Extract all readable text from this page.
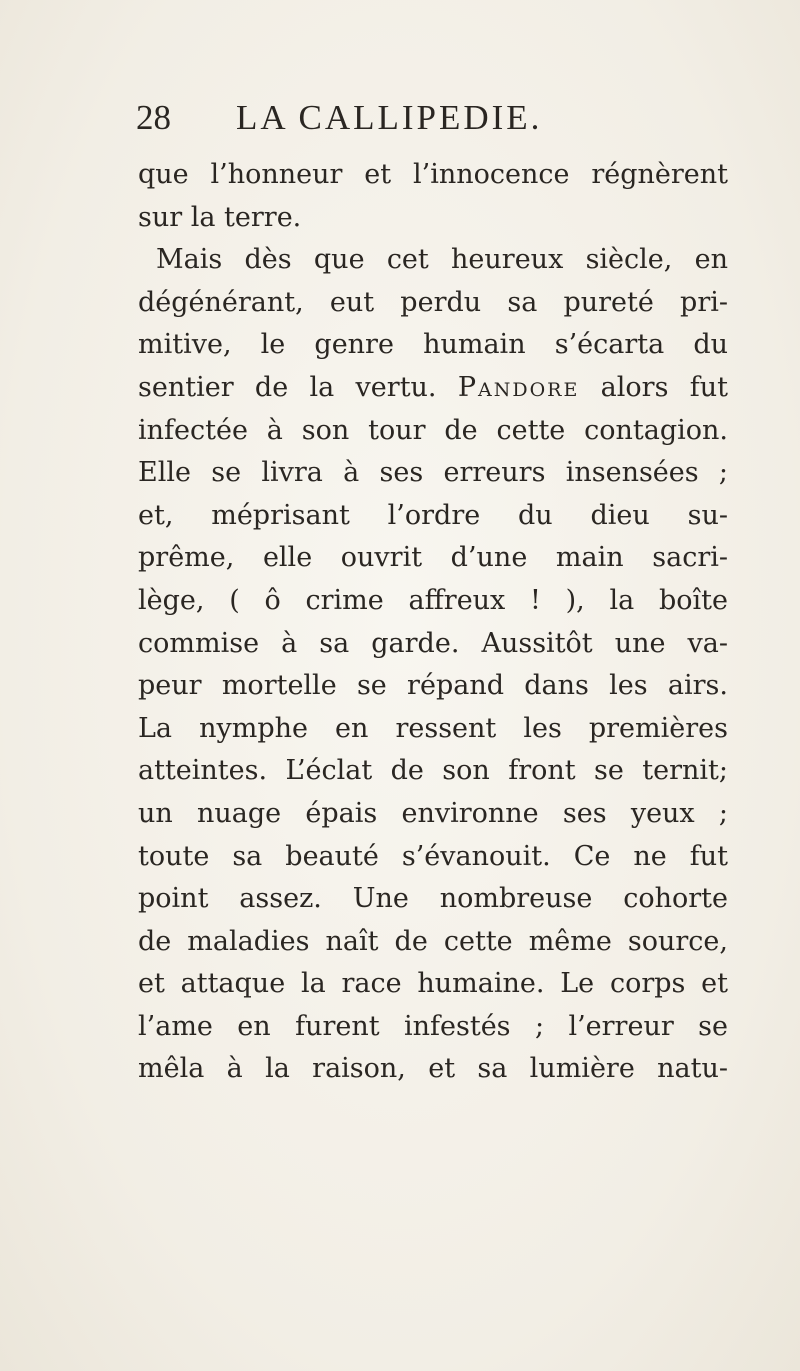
28 LA CALLIPEDIE.
que l’honneur et l’innocence régnèrent
sur la terre.
Mais dès que cet heureux siècle, en
dégénérant, eut perdu sa pureté pri-
mitive, le genre humain s’écarta du
sentier de la vertu. Pandore alors fut
infectée à son tour de cette contagion.
Elle se livra à ses erreurs insensées ;
et, méprisant l’ordre du dieu su-
prême, elle ouvrit d’une main sacri-
lège, ( ô crime affreux ! ), la boîte
commise à sa garde. Aussitôt une va-
peur mortelle se répand dans les airs.
La nymphe en ressent les premières
atteintes. L’éclat de son front se ternit;
un nuage épais environne ses yeux ;
toute sa beauté s’évanouit. Ce ne fut
point assez. Une nombreuse cohorte
de maladies naît de cette même source,
et attaque la race humaine. Le corps et
l’ame en furent infestés ; l’erreur se
mêla à la raison, et sa lumière natu-
